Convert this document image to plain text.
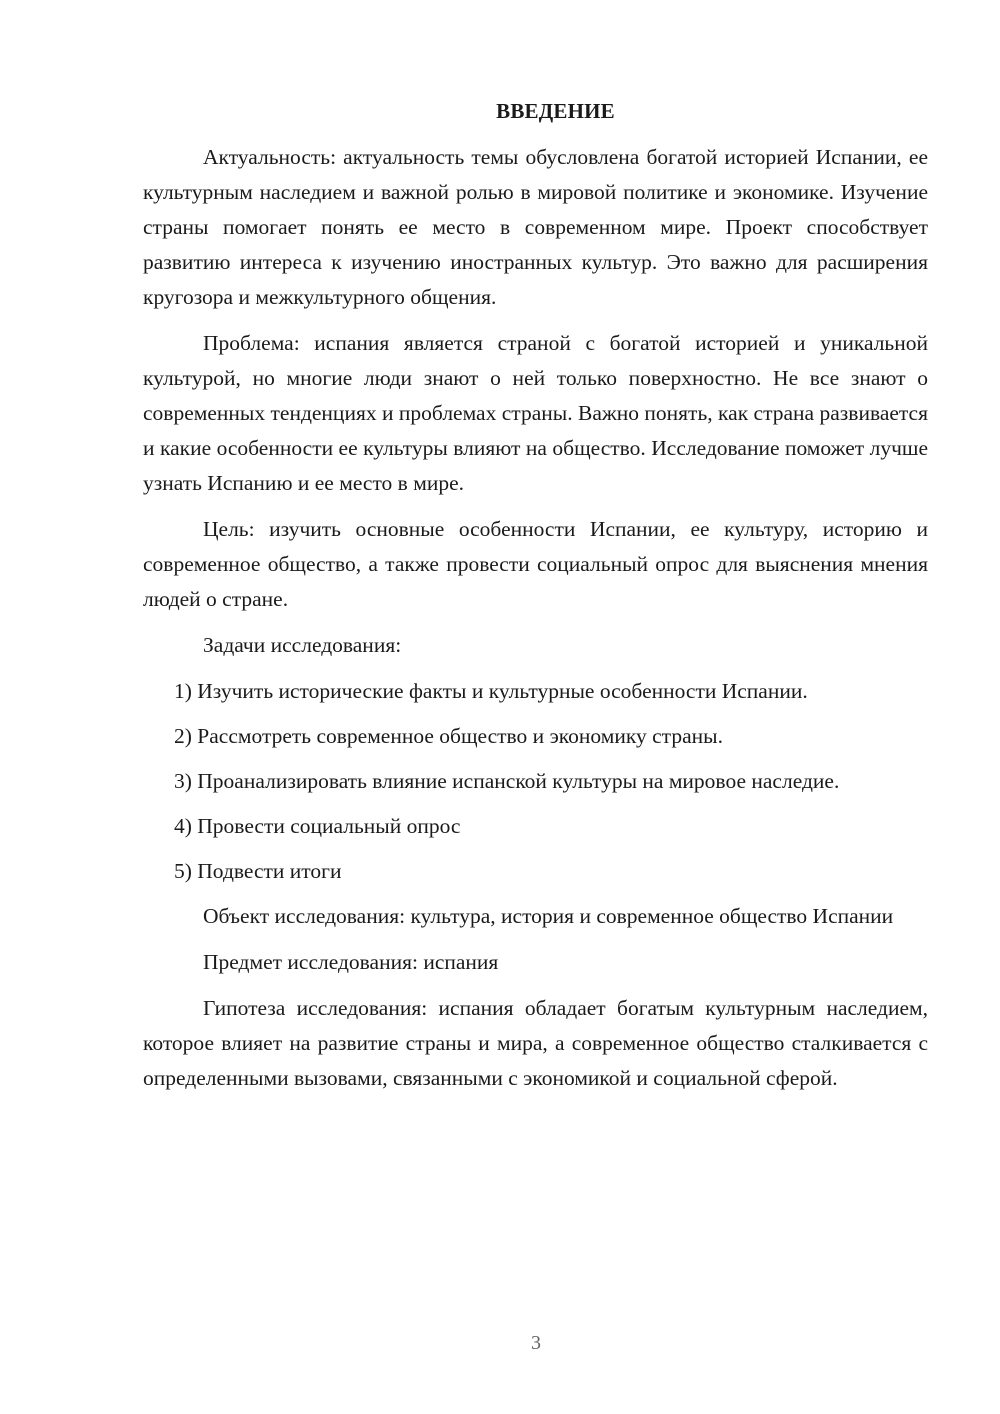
ВВЕДЕНИЕ

Актуальность: актуальность темы обусловлена богатой историей Испании, ее культурным наследием и важной ролью в мировой политике и экономике. Изучение страны помогает понять ее место в современном мире. Проект способствует развитию интереса к изучению иностранных культур. Это важно для расширения кругозора и межкультурного общения.

Проблема: испания является страной с богатой историей и уникальной культурой, но многие люди знают о ней только поверхностно. Не все знают о современных тенденциях и проблемах страны. Важно понять, как страна развивается и какие особенности ее культуры влияют на общество. Исследование поможет лучше узнать Испанию и ее место в мире.

Цель: изучить основные особенности Испании, ее культуру, историю и современное общество, а также провести социальный опрос для выяснения мнения людей о стране.

Задачи исследования:

1) Изучить исторические факты и культурные особенности Испании.

2) Рассмотреть современное общество и экономику страны.

3) Проанализировать влияние испанской культуры на мировое наследие.

4) Провести социальный опрос

5) Подвести итоги

Объект исследования: культура, история и современное общество Испании

Предмет исследования: испания

Гипотеза исследования: испания обладает богатым культурным наследием, которое влияет на развитие страны и мира, а современное общество сталкивается с определенными вызовами, связанными с экономикой и социальной сферой.

3
